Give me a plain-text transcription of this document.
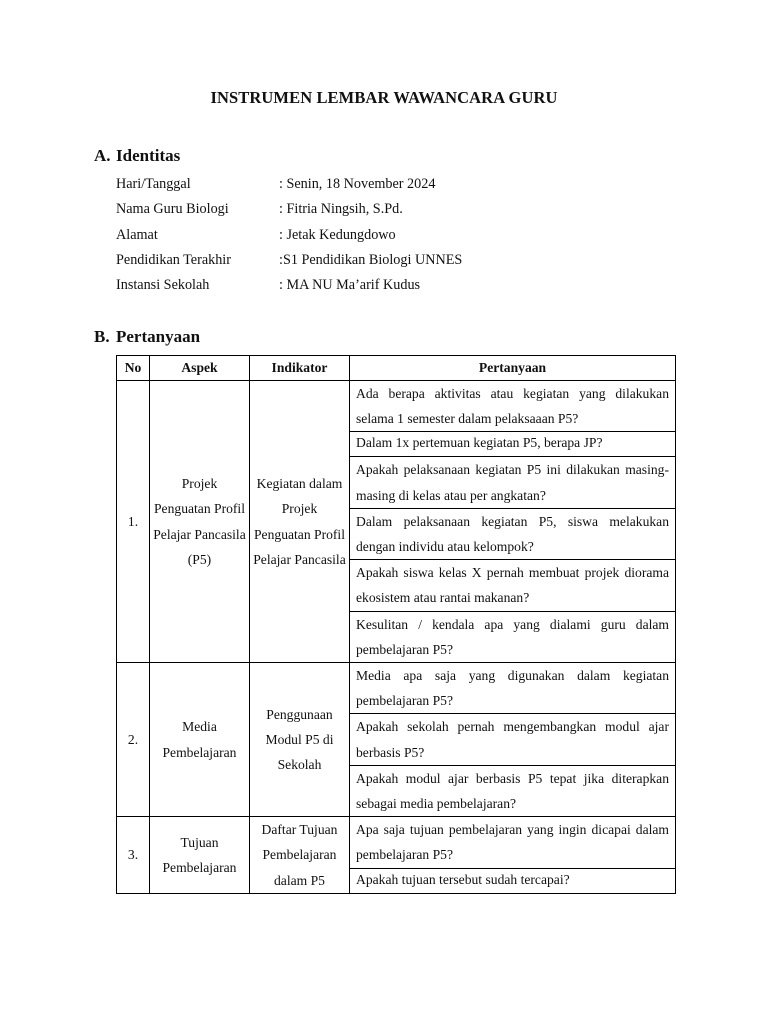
INSTRUMEN LEMBAR WAWANCARA GURU
A. Identitas
Hari/Tanggal	: Senin, 18 November 2024
Nama Guru Biologi	: Fitria Ningsih, S.Pd.
Alamat	: Jetak Kedungdowo
Pendidikan Terakhir	:S1 Pendidikan Biologi UNNES
Instansi Sekolah	: MA NU Ma’arif Kudus
B. Pertanyaan
No	Aspek	Indikator	Pertanyaan
1.	Projek Penguatan Profil Pelajar Pancasila (P5)	Kegiatan dalam Projek Penguatan Profil Pelajar Pancasila	Ada berapa aktivitas atau kegiatan yang dilakukan selama 1 semester dalam pelaksaaan P5?
			Dalam 1x pertemuan kegiatan P5, berapa JP?
			Apakah pelaksanaan kegiatan P5 ini dilakukan masing-masing di kelas atau per angkatan?
			Dalam pelaksanaan kegiatan P5, siswa melakukan dengan individu atau kelompok?
			Apakah siswa kelas X pernah membuat projek diorama ekosistem atau rantai makanan?
			Kesulitan / kendala apa yang dialami guru dalam pembelajaran P5?
2.	Media Pembelajaran	Penggunaan Modul P5 di Sekolah	Media apa saja yang digunakan dalam kegiatan pembelajaran P5?
			Apakah sekolah pernah mengembangkan modul ajar berbasis P5?
			Apakah modul ajar berbasis P5 tepat jika diterapkan sebagai media pembelajaran?
3.	Tujuan Pembelajaran	Daftar Tujuan Pembelajaran dalam P5	Apa saja tujuan pembelajaran yang ingin dicapai dalam pembelajaran P5?
			Apakah tujuan tersebut sudah tercapai?
